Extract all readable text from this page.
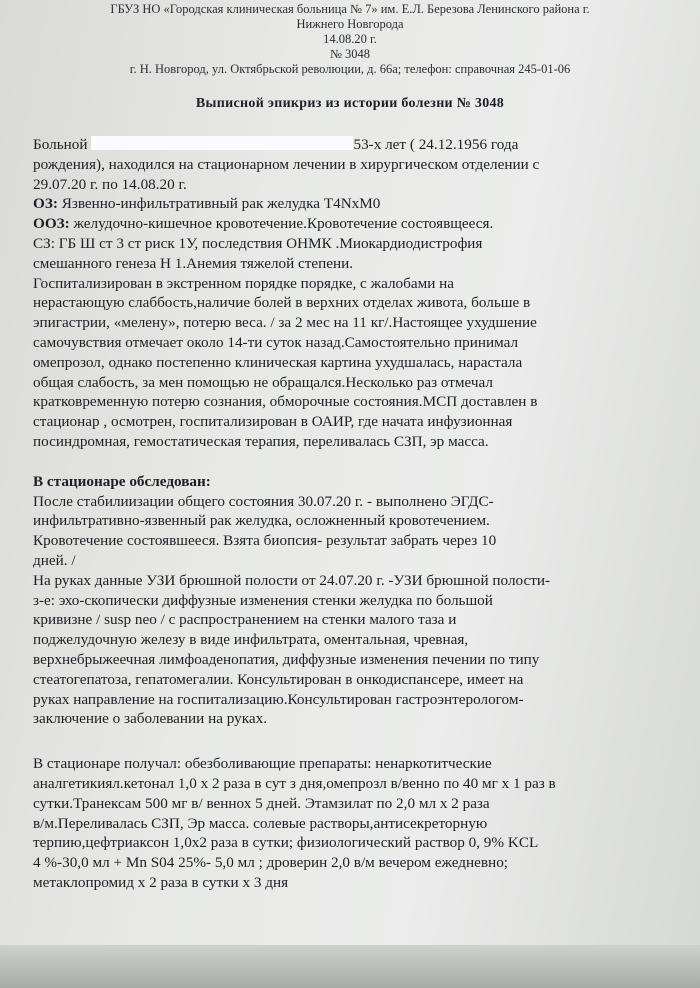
ГБУЗ НО «Городская клиническая больница № 7» им. Е.Л. Березова Ленинского района г.
Нижнего Новгорода
14.08.20 г.
№ 3048
г. Н. Новгород, ул. Октябрьской революции, д. 66а; телефон: справочная 245-01-06
Выписной эпикриз из истории болезни № 3048
Больной	53-х лет ( 24.12.1956 года
рождения), находился на стационарном лечении в хирургическом отделении с
29.07.20 г. по 14.08.20 г.
ОЗ: Язвенно-инфильтративный рак желудка T4NxM0
ООЗ: желудочно-кишечное кровотечение.Кровотечение состоявщееся.
СЗ: ГБ Ш ст 3 ст риск 1У, последствия ОНМК .Миокардиодистрофия
смешанного генеза Н 1.Анемия тяжелой степени.
Госпитализирован в экстренном порядке порядке, с жалобами на
нерастающую слаббость,наличие болей в верхних отделах живота, больше в
эпигастрии, «мелену», потерю веса. / за 2 мес на 11 кг/.Настоящее ухудшение
самочувствия отмечает около 14-ти суток назад.Самостоятельно принимал
омепрозол, однако постепенно клиническая картина ухудшалась, нарастала
общая слабость, за мен помощью не обращался.Несколько раз отмечал
кратковременную потерю сознания, обморочные состояния.МСП доставлен в
стационар , осмотрен, госпитализирован в ОАИР, где начата инфузионная
посиндромная, гемостатическая терапия, переливалась СЗП, эр масса.
В стационаре обследован:
После стабилиизации общего состояния 30.07.20 г. - выполнено ЭГДС-
инфильтративно-язвенный рак желудка, осложненный кровотечением.
Кровотечение состоявшееся. Взята биопсия- результат забрать через 10
дней. /
На руках данные УЗИ брюшной полости от 24.07.20 г. -УЗИ брюшной полости-
з-е: эхо-скопически диффузные изменения стенки желудка по большой
кривизне / susp neo / с распространением на стенки малого таза и
поджелудочную железу в виде инфильтрата, оментальная, чревная,
верхнебрыжеечная лимфоаденопатия, диффузные изменения печении по типу
стеатогепатоза, гепатомегалии. Консультирован в онкодиспансере, имеет на
руках направление на госпитализацию.Консультирован гастроэнтерологом-
заключение о заболевании на руках.
В стационаре получал: обезболивающие препараты: ненаркотитческие
аналгетикиял.кетонал 1,0 х 2 раза в сут з дня,омепрозл в/венно по 40 мг х 1 раз в
сутки.Транексам 500 мг в/ веннох 5 дней. Этамзилат по 2,0 мл х 2 раза
в/м.Переливалась СЗП, Эр масса. солевые растворы,антисекреторную
терпию,цефтриаксон 1,0х2 раза в сутки; физиологический раствор 0, 9% KCL
4 %-30,0 мл + Mn S04 25%- 5,0 мл ; дроверин 2,0 в/м вечером ежедневно;
метаклопромид х 2 раза в сутки х 3 дня
